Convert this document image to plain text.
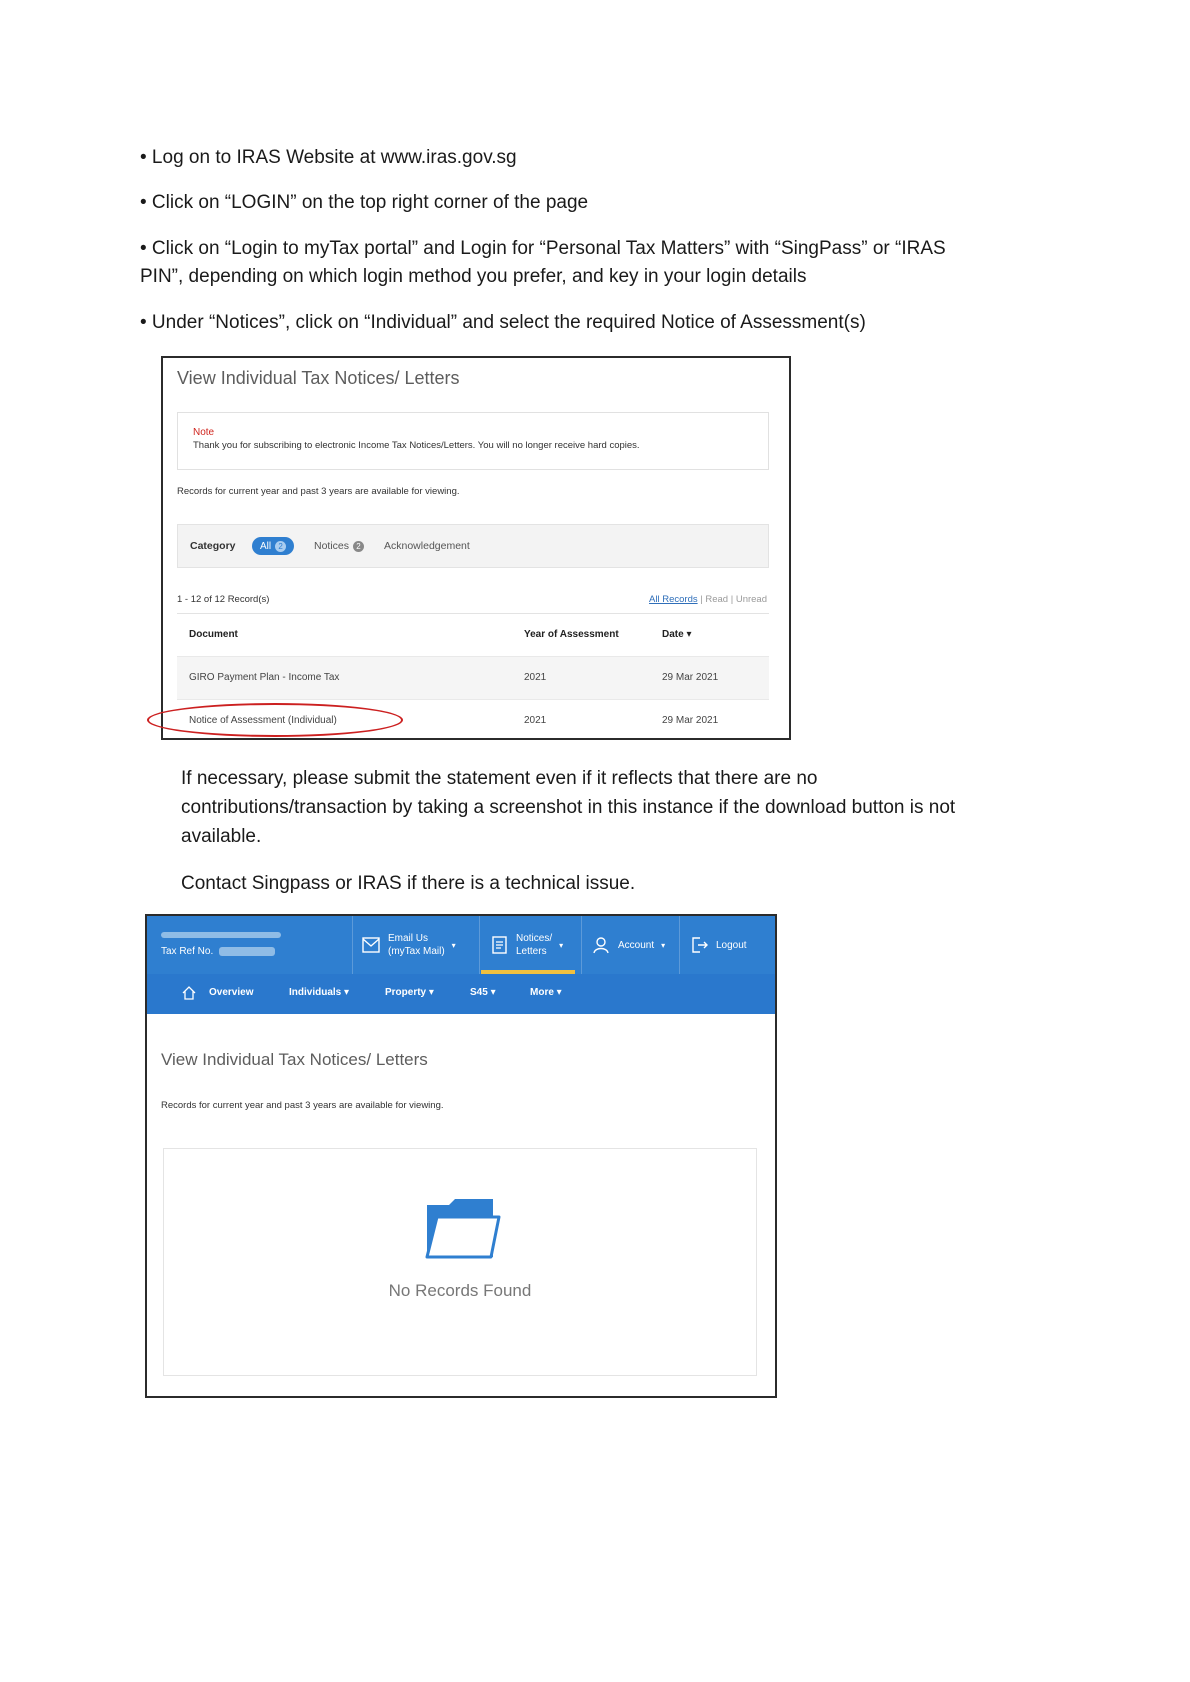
• Log on to IRAS Website at www.iras.gov.sg

• Click on “LOGIN” on the top right corner of the page

• Click on “Login to myTax portal” and Login for “Personal Tax Matters” with “SingPass” or “IRAS

PIN”, depending on which login method you prefer, and key in your login details

• Under “Notices”, click on “Individual” and select the required Notice of Assessment(s)

View Individual Tax Notices/ Letters
Note
Thank you for subscribing to electronic Income Tax Notices/Letters. You will no longer receive hard copies.
Records for current year and past 3 years are available for viewing.
Category All 2	Notices 2	Acknowledgement
1 - 12 of 12 Record(s)	All Records | Read | Unread
Document	Year of Assessment	Date ▾
GIRO Payment Plan - Income Tax	2021	29 Mar 2021
Notice of Assessment (Individual)	2021	29 Mar 2021

If necessary, please submit the statement even if it reflects that there are no

contributions/transaction by taking a screenshot in this instance if the download button is not

available.

Contact Singpass or IRAS if there is a technical issue.

Tax Ref No.
Email Us
(myTax Mail)
▾
Notices/
Letters
▾	Account ▾	Logout
Overview	Individuals ▾	Property ▾	S45 ▾	More ▾
View Individual Tax Notices/ Letters
Records for current year and past 3 years are available for viewing.
No Records Found
